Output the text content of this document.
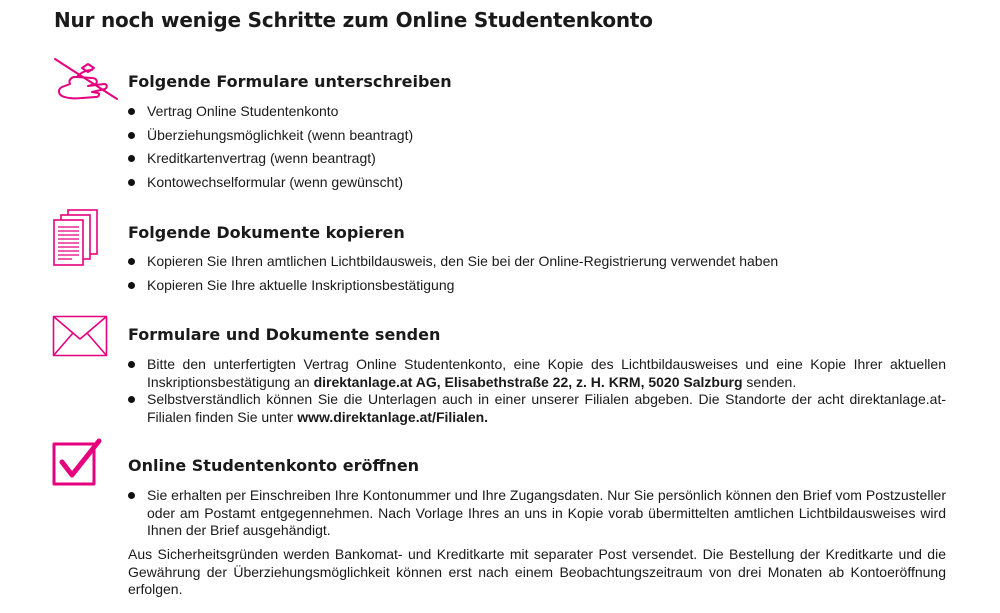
Nur noch wenige Schritte zum Online Studentenkonto
Folgende Formulare unterschreiben
Vertrag Online Studentenkonto
Überziehungsmöglichkeit (wenn beantragt)
Kreditkartenvertrag (wenn beantragt)
Kontowechselformular (wenn gewünscht)
Folgende Dokumente kopieren
Kopieren Sie Ihren amtlichen Lichtbildausweis, den Sie bei der Online-Registrierung verwendet haben
Kopieren Sie Ihre aktuelle Inskriptionsbestätigung
Formulare und Dokumente senden
Bitte den unterfertigten Vertrag Online Studentenkonto, eine Kopie des Lichtbildausweises und eine Kopie Ihrer aktuellen Inskriptionsbestätigung an direktanlage.at AG, Elisabethstraße 22, z. H. KRM, 5020 Salzburg senden.
Selbstverständlich können Sie die Unterlagen auch in einer unserer Filialen abgeben. Die Standorte der acht direktanlage.at-Filialen finden Sie unter www.direktanlage.at/Filialen.
Online Studentenkonto eröffnen
Sie erhalten per Einschreiben Ihre Kontonummer und Ihre Zugangsdaten. Nur Sie persönlich können den Brief vom Postzusteller oder am Postamt entgegennehmen. Nach Vorlage Ihres an uns in Kopie vorab übermittelten amtlichen Lichtbildausweises wird Ihnen der Brief ausgehändigt.

Aus Sicherheitsgründen werden Bankomat- und Kreditkarte mit separater Post versendet. Die Bestellung der Kreditkarte und die Gewährung der Überziehungsmöglichkeit können erst nach einem Beobachtungszeitraum von drei Monaten ab Kontoeröffnung erfolgen.
